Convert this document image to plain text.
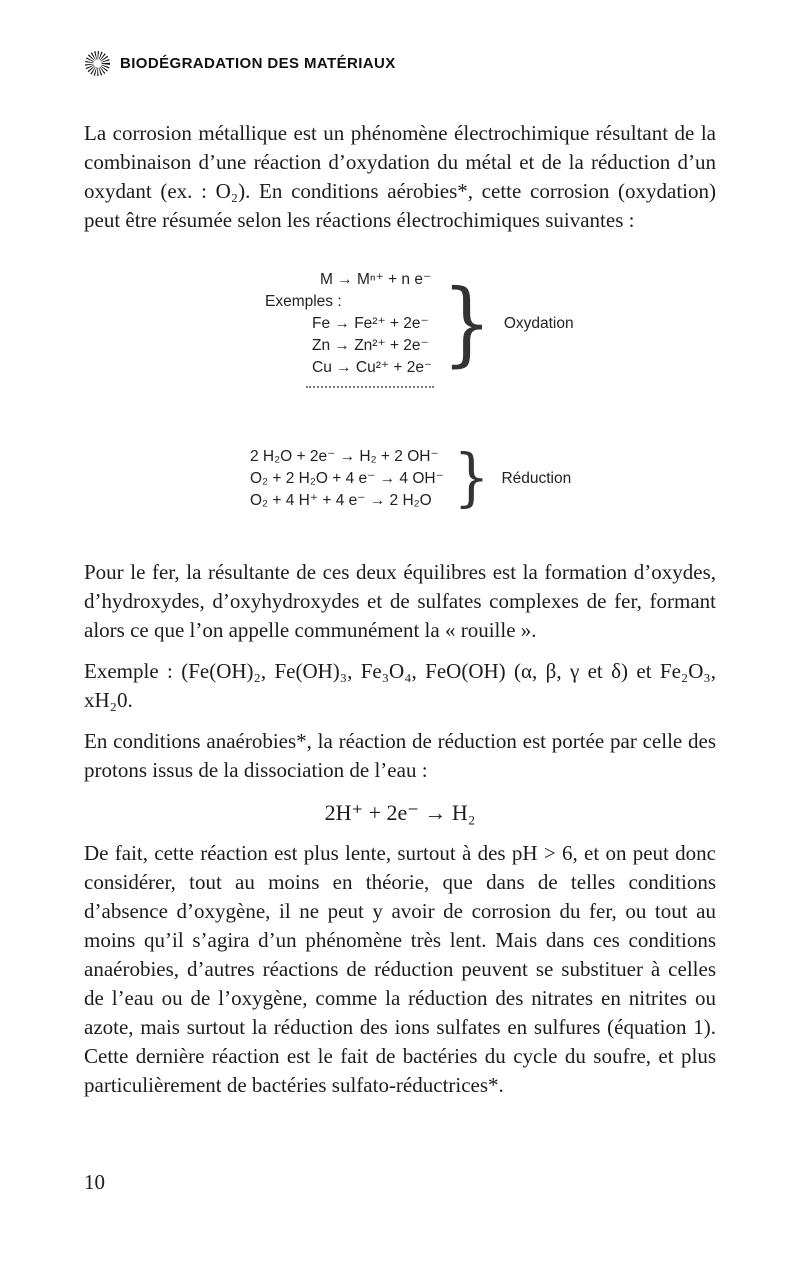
BIODÉGRADATION DES MATÉRIAUX

La corrosion métallique est un phénomène électrochimique résultant de la combinaison d’une réaction d’oxydation du métal et de la réduction d’un oxydant (ex. : O₂). En conditions aérobies*, cette corrosion (oxydation) peut être résumée selon les réactions électrochimiques suivantes :

M → Mⁿ⁺ + n e⁻
Exemples :
Fe → Fe²⁺ + 2e⁻
Zn → Zn²⁺ + 2e⁻
Cu → Cu²⁺ + 2e⁻ } Oxydation
2 H₂O + 2e⁻ → H₂ + 2 OH⁻
O₂ + 2 H₂O + 4 e⁻ → 4 OH⁻
O₂ + 4 H⁺ + 4 e⁻ → 2 H₂O } Réduction

Pour le fer, la résultante de ces deux équilibres est la formation d’oxydes, d’hydroxydes, d’oxyhydroxydes et de sulfates complexes de fer, formant alors ce que l’on appelle communément la « rouille ».

Exemple : (Fe(OH)₂, Fe(OH)₃, Fe₃O₄, FeO(OH) (α, β, γ et δ) et Fe₂O₃, xH₂0.

En conditions anaérobies*, la réaction de réduction est portée par celle des protons issus de la dissociation de l’eau :

2H⁺ + 2e⁻ → H₂

De fait, cette réaction est plus lente, surtout à des pH > 6, et on peut donc considérer, tout au moins en théorie, que dans de telles conditions d’absence d’oxygène, il ne peut y avoir de corrosion du fer, ou tout au moins qu’il s’agira d’un phénomène très lent. Mais dans ces conditions anaérobies, d’autres réactions de réduction peuvent se substituer à celles de l’eau ou de l’oxygène, comme la réduction des nitrates en nitrites ou azote, mais surtout la réduction des ions sulfates en sulfures (équation 1). Cette dernière réaction est le fait de bactéries du cycle du soufre, et plus particulièrement de bactéries sulfato-réductrices*.

10
